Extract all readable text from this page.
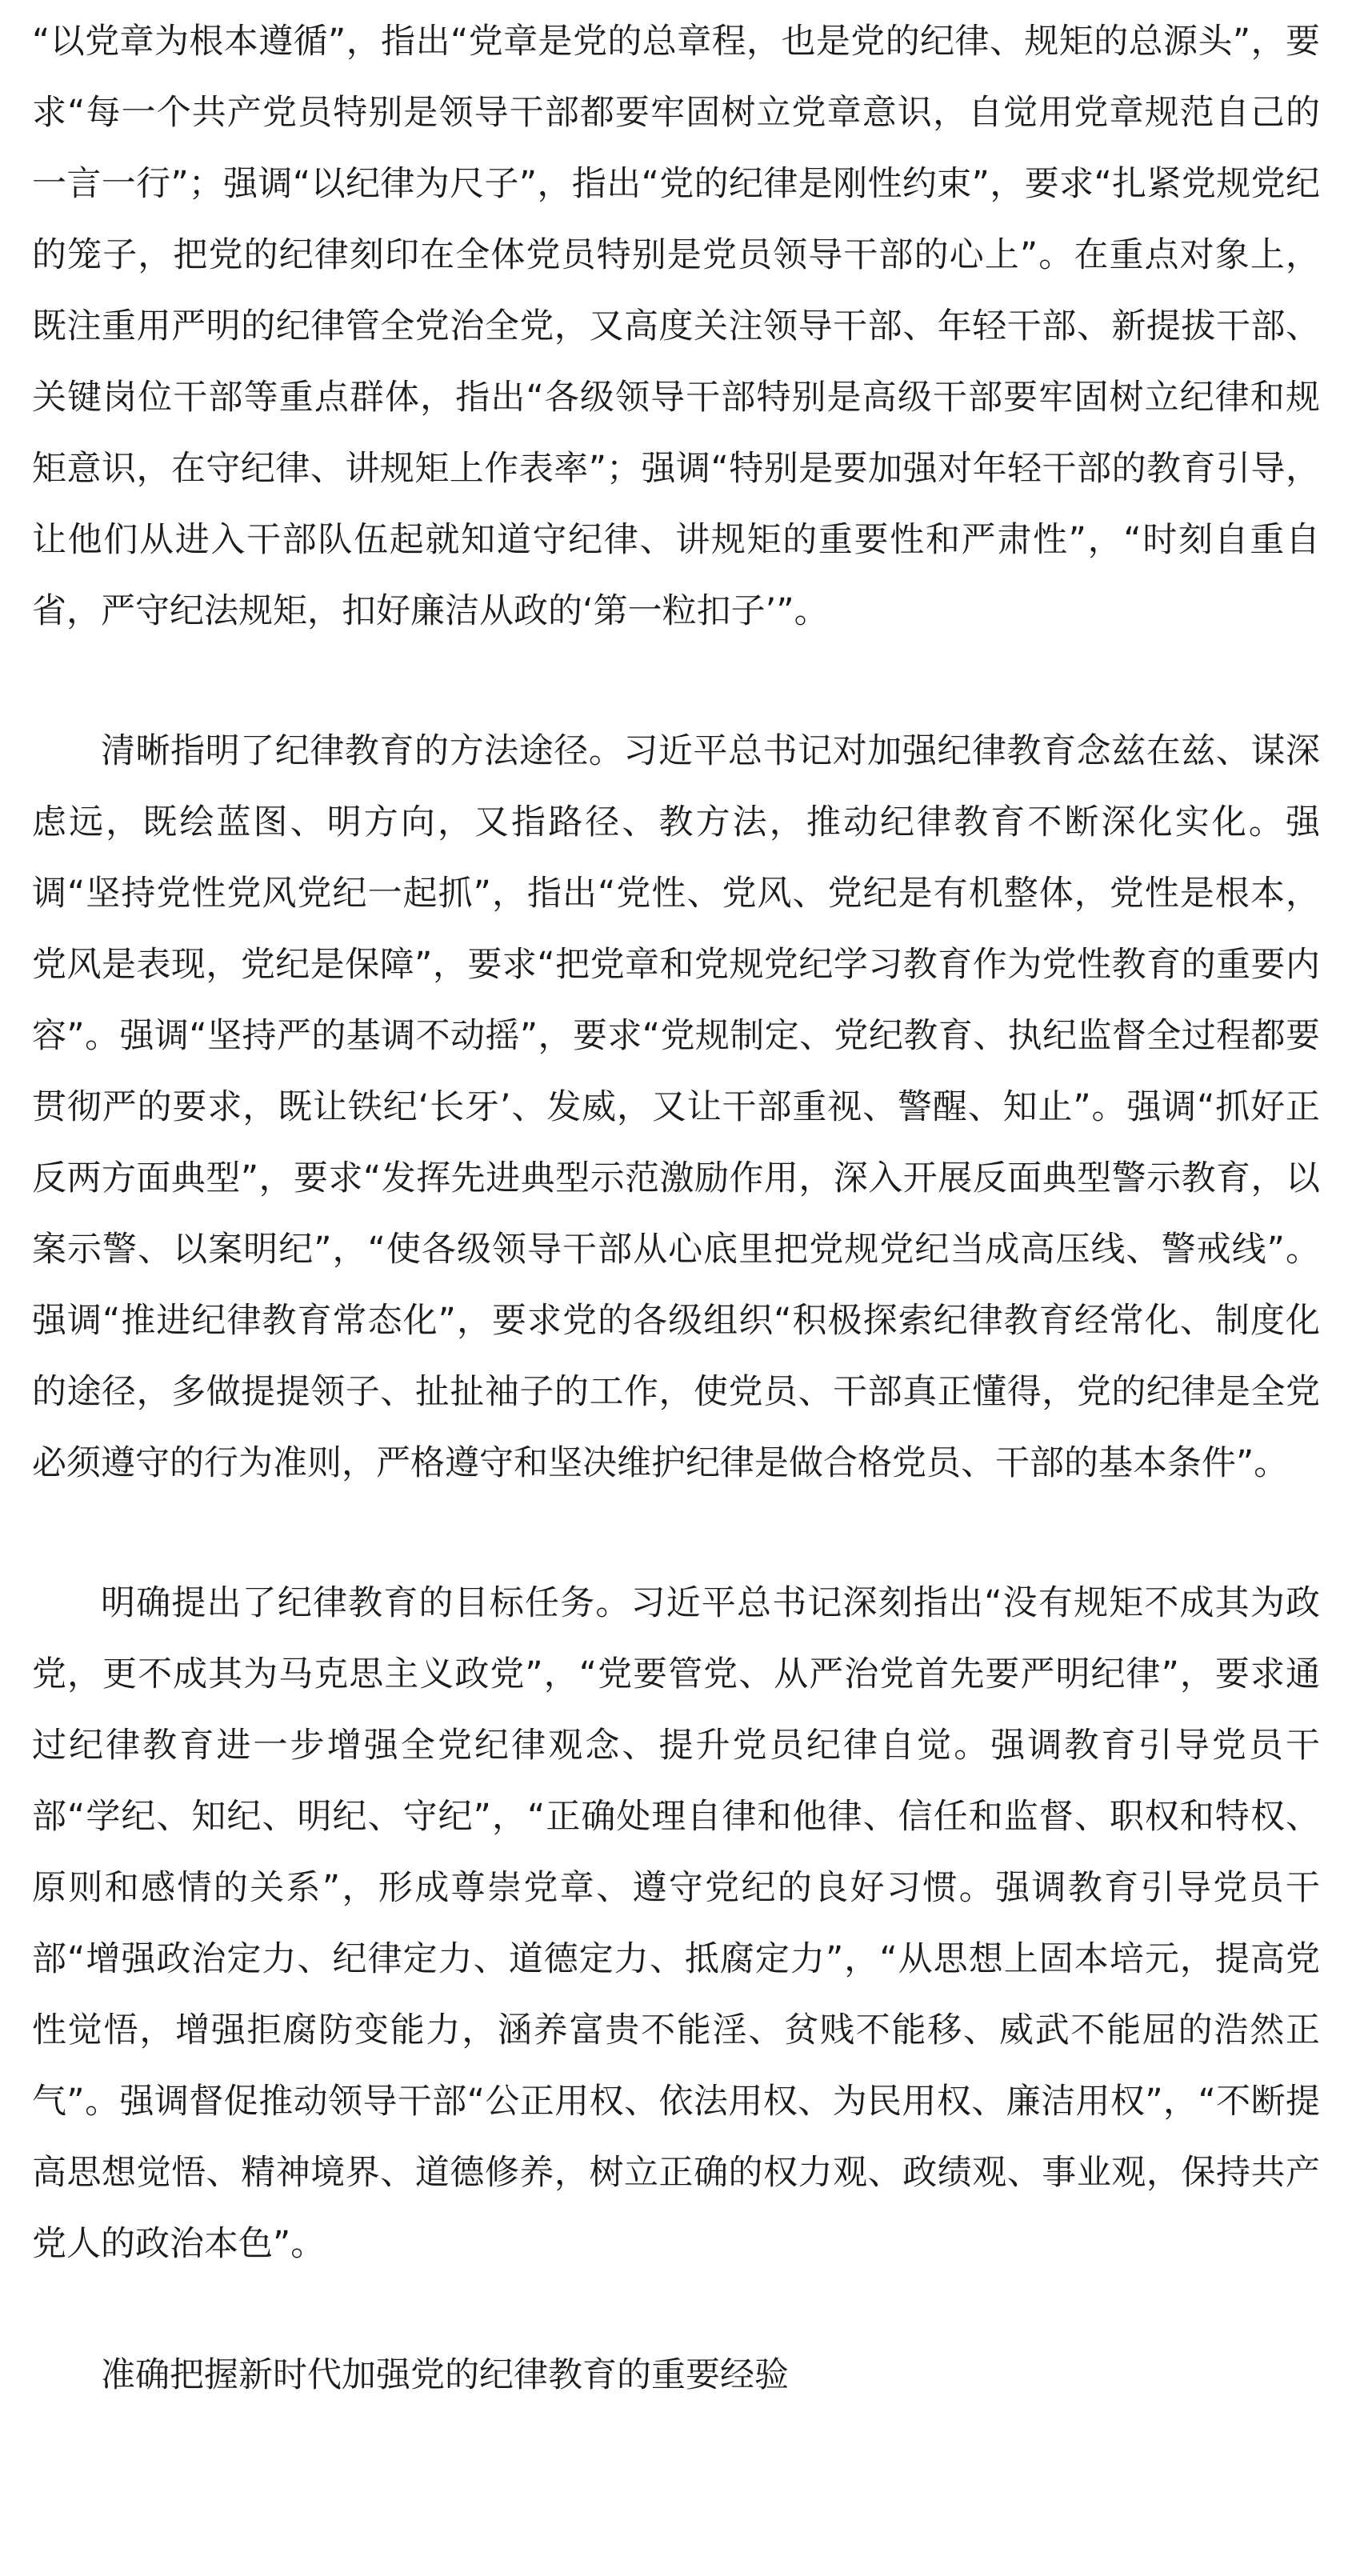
“以党章为根本遵循”，指出“党章是党的总章程，也是党的纪律、规矩的总源头”，要求“每一个共产党员特别是领导干部都要牢固树立党章意识，自觉用党章规范自己的一言一行”；强调“以纪律为尺子”，指出“党的纪律是刚性约束”，要求“扎紧党规党纪的笼子，把党的纪律刻印在全体党员特别是党员领导干部的心上”。在重点对象上，既注重用严明的纪律管全党治全党，又高度关注领导干部、年轻干部、新提拔干部、关键岗位干部等重点群体，指出“各级领导干部特别是高级干部要牢固树立纪律和规矩意识，在守纪律、讲规矩上作表率”；强调“特别是要加强对年轻干部的教育引导，让他们从进入干部队伍起就知道守纪律、讲规矩的重要性和严肃性”，“时刻自重自省，严守纪法规矩，扣好廉洁从政的‘第一粒扣子’”。

清晰指明了纪律教育的方法途径。习近平总书记对加强纪律教育念兹在兹、谋深虑远，既绘蓝图、明方向，又指路径、教方法，推动纪律教育不断深化实化。强调“坚持党性党风党纪一起抓”，指出“党性、党风、党纪是有机整体，党性是根本，党风是表现，党纪是保障”，要求“把党章和党规党纪学习教育作为党性教育的重要内容”。强调“坚持严的基调不动摇”，要求“党规制定、党纪教育、执纪监督全过程都要贯彻严的要求，既让铁纪‘长牙’、发威，又让干部重视、警醒、知止”。强调“抓好正反两方面典型”，要求“发挥先进典型示范激励作用，深入开展反面典型警示教育，以案示警、以案明纪”，“使各级领导干部从心底里把党规党纪当成高压线、警戒线”。强调“推进纪律教育常态化”，要求党的各级组织“积极探索纪律教育经常化、制度化的途径，多做提提领子、扯扯袖子的工作，使党员、干部真正懂得，党的纪律是全党必须遵守的行为准则，严格遵守和坚决维护纪律是做合格党员、干部的基本条件”。

明确提出了纪律教育的目标任务。习近平总书记深刻指出“没有规矩不成其为政党，更不成其为马克思主义政党”，“党要管党、从严治党首先要严明纪律”，要求通过纪律教育进一步增强全党纪律观念、提升党员纪律自觉。强调教育引导党员干部“学纪、知纪、明纪、守纪”，“正确处理自律和他律、信任和监督、职权和特权、原则和感情的关系”，形成尊崇党章、遵守党纪的良好习惯。强调教育引导党员干部“增强政治定力、纪律定力、道德定力、抵腐定力”，“从思想上固本培元，提高党性觉悟，增强拒腐防变能力，涵养富贵不能淫、贫贱不能移、威武不能屈的浩然正气”。强调督促推动领导干部“公正用权、依法用权、为民用权、廉洁用权”，“不断提高思想觉悟、精神境界、道德修养，树立正确的权力观、政绩观、事业观，保持共产党人的政治本色”。

准确把握新时代加强党的纪律教育的重要经验
